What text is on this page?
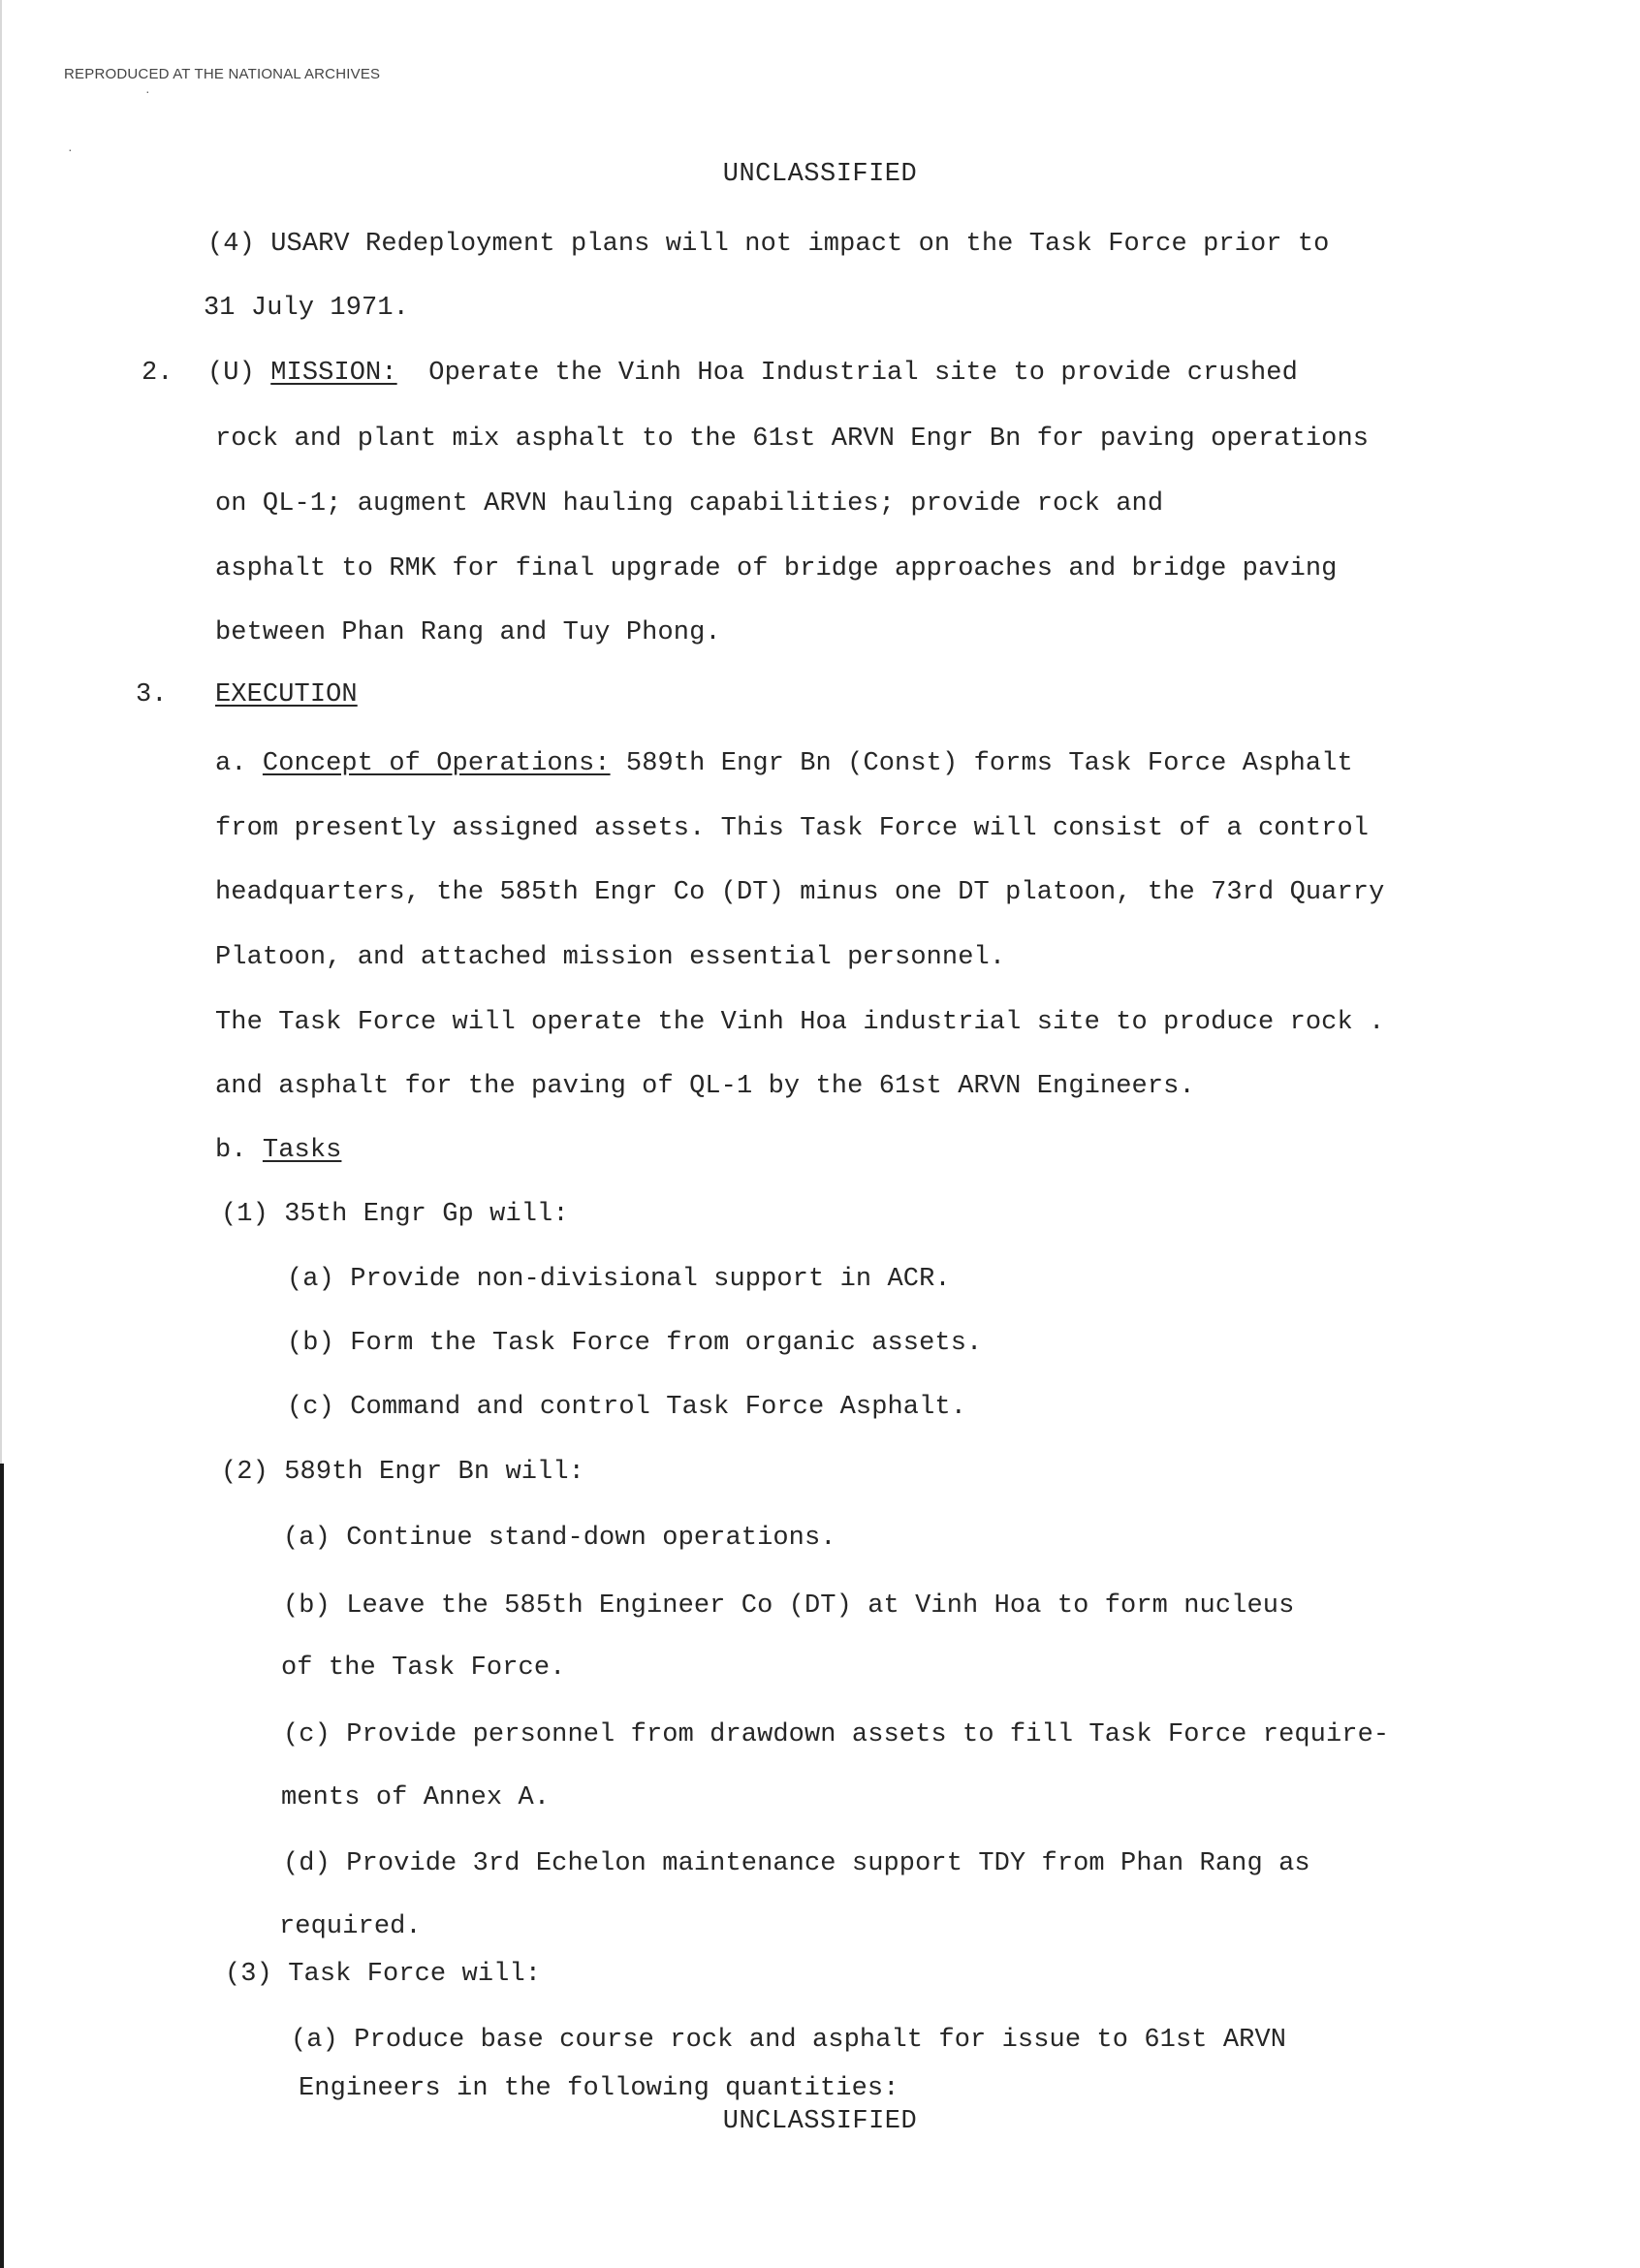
REPRODUCED AT THE NATIONAL ARCHIVES
·
·
UNCLASSIFIED
(4) USARV Redeployment plans will not impact on the Task Force prior to
31 July 1971.
2. (U) MISSION: Operate the Vinh Hoa Industrial site to provide crushed
rock and plant mix asphalt to the 61st ARVN Engr Bn for paving operations
on QL-1; augment ARVN hauling capabilities; provide rock and
asphalt to RMK for final upgrade of bridge approaches and bridge paving
between Phan Rang and Tuy Phong.
3. EXECUTION
a. Concept of Operations: 589th Engr Bn (Const) forms Task Force Asphalt
from presently assigned assets. This Task Force will consist of a control
headquarters, the 585th Engr Co (DT) minus one DT platoon, the 73rd Quarry
Platoon, and attached mission essential personnel.
The Task Force will operate the Vinh Hoa industrial site to produce rock .
and asphalt for the paving of QL-1 by the 61st ARVN Engineers.
b. Tasks
(1) 35th Engr Gp will:
(a) Provide non-divisional support in ACR.
(b) Form the Task Force from organic assets.
(c) Command and control Task Force Asphalt.
(2) 589th Engr Bn will:
(a) Continue stand-down operations.
(b) Leave the 585th Engineer Co (DT) at Vinh Hoa to form nucleus
of the Task Force.
(c) Provide personnel from drawdown assets to fill Task Force require-
ments of Annex A.
(d) Provide 3rd Echelon maintenance support TDY from Phan Rang as
required.
(3) Task Force will:
(a) Produce base course rock and asphalt for issue to 61st ARVN
Engineers in the following quantities:
UNCLASSIFIED
